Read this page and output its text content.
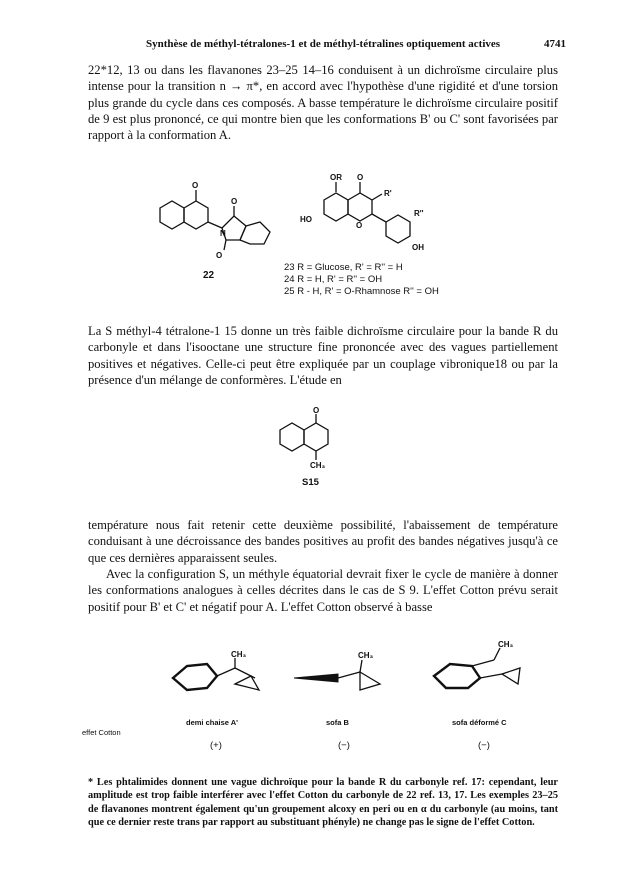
Synthèse de méthyl-tétralones-1 et de méthyl-tétralines optiquement actives	4741
22*12, 13 ou dans les flavanones 23–25 14–16 conduisent à un dichroïsme circulaire plus intense pour la transition n → π*, en accord avec l'hypothèse d'une rigidité et d'une torsion plus grande du cycle dans ces composés. A basse température le dichroïsme circulaire positif de 9 est plus prononcé, ce qui montre bien que les conformations B' ou C' sont favorisées par rapport à la conformation A.
O
N
O
O
22
OR O
O
HO
R'
R''
OH
23 R = Glucose, R' = R'' = H
24 R = H, R' = R'' = OH
25 R - H, R' = O-Rhamnose R'' = OH
La S méthyl-4 tétralone-1 15 donne un très faible dichroïsme circulaire pour la bande R du carbonyle et dans l'isooctane une structure fine prononcée avec des vagues partiellement positives et négatives. Celle-ci peut être expliquée par un couplage vibronique18 ou par la présence d'un mélange de conformères. L'étude en
O
CH₃
S15
température nous fait retenir cette deuxième possibilité, l'abaissement de température conduisant à une décroissance des bandes positives au profit des bandes négatives jusqu'à ce que ces dernières apparaissent seules.
Avec la configuration S, un méthyle équatorial devrait fixer le cycle de manière à donner les conformations analogues à celles décrites dans le cas de S 9. L'effet Cotton prévu serait positif pour B' et C' et négatif pour A. L'effet Cotton observé à basse
CH₃	CH₃
CH₃
demi chaise A'	sofa B	sofa déformé C
effet Cotton
(+)	(−)	(−)
* Les phtalimides donnent une vague dichroïque pour la bande R du carbonyle ref. 17: cependant, leur amplitude est trop faible interférer avec l'effet Cotton du carbonyle de 22 ref. 13, 17. Les exemples 23–25 de flavanones montrent également qu'un groupement alcoxy en peri ou en α du carbonyle (au moins, tant que ce dernier reste trans par rapport au substituant phényle) ne change pas le signe de l'effet Cotton.
